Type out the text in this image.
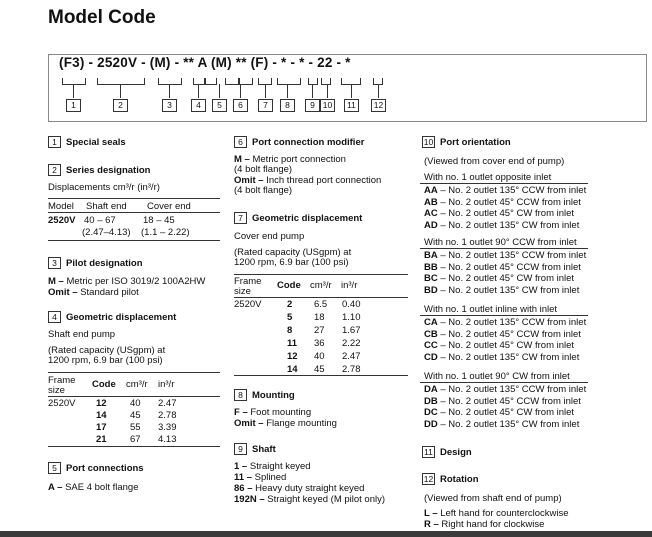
Model Code
(F3) - 2520V - (M) - ** A (M) ** (F) - * - * - 22 - *
1	2	3	4	5	6	7	8	9 10	11	12
1 Special seals
2 Series designation
Displacements cm³/r (in³/r)
Model Shaft end Cover end
2520V 40 – 67	18 – 45
(2.47–4.13) (1.1 – 2.22)
3 Pilot designation
M – Metric per ISO 3019/2 100A2HW
Omit – Standard pilot
4 Geometric displacement
Shaft end pump
(Rated capacity (USgpm) at
1200 rpm, 6.9 bar (100 psi)
Frame
size
Code cm³/r in³/r
2520V 12 40 2.47
14 45 2.78
17 55 3.39
21 67 4.13
5 Port connections
A – SAE 4 bolt flange
6 Port connection modifier
M – Metric port connection
(4 bolt flange)
Omit – Inch thread port connection
(4 bolt flange)
7 Geometric displacement
Cover end pump
(Rated capacity (USgpm) at
1200 rpm, 6.9 bar (100 psi)
Frame
size
Code cm³/r in³/r
2520V	2 6.5 0.40
5 18 1.10
8 27 1.67
11 36 2.22
12 40 2.47
14 45 2.78
8 Mounting
F – Foot mounting
Omit – Flange mounting
9 Shaft
1 – Straight keyed
11 – Splined
86 – Heavy duty straight keyed
192N – Straight keyed (M pilot only)
10 Port orientation
(Viewed from cover end of pump)
With no. 1 outlet opposite inlet
AA – No. 2 outlet 135° CCW from inlet
AB – No. 2 outlet 45° CCW from inlet
AC – No. 2 outlet 45° CW from inlet
AD – No. 2 outlet 135° CW from inlet
With no. 1 outlet 90° CCW from inlet
BA – No. 2 outlet 135° CCW from inlet
BB – No. 2 outlet 45° CCW from inlet
BC – No. 2 outlet 45° CW from inlet
BD – No. 2 outlet 135° CW from inlet
With no. 1 outlet inline with inlet
CA – No. 2 outlet 135° CCW from inlet
CB – No. 2 outlet 45° CCW from inlet
CC – No. 2 outlet 45° CW from inlet
CD – No. 2 outlet 135° CW from inlet
With no. 1 outlet 90° CW from inlet
DA – No. 2 outlet 135° CCW from inlet
DB – No. 2 outlet 45° CCW from inlet
DC – No. 2 outlet 45° CW from inlet
DD – No. 2 outlet 135° CW from inlet
11 Design
12 Rotation
(Viewed from shaft end of pump)
L – Left hand for counterclockwise
R – Right hand for clockwise
